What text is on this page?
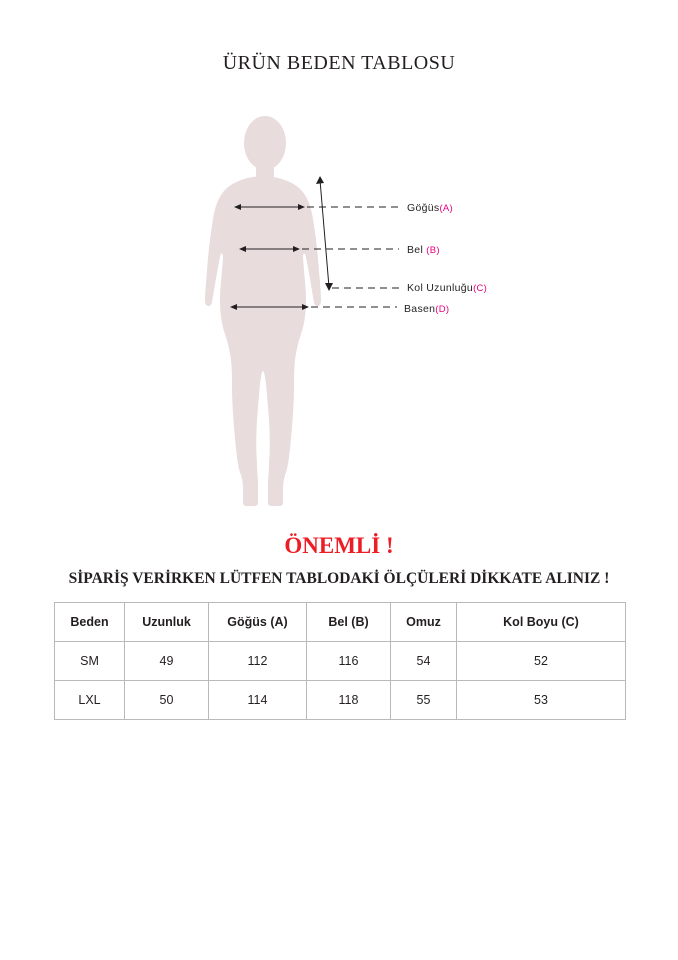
ÜRÜN BEDEN TABLOSU
Göğüs(A)
Bel (B)
Kol Uzunluğu(C)
Basen(D)
ÖNEMLİ !
SİPARİŞ VERİRKEN LÜTFEN TABLODAKİ ÖLÇÜLERİ DİKKATE ALINIZ !
Beden	Uzunluk	Göğüs (A)	Bel (B)	Omuz	Kol Boyu (C)
SM	49	112	116	54	52
LXL	50	114	118	55	53
